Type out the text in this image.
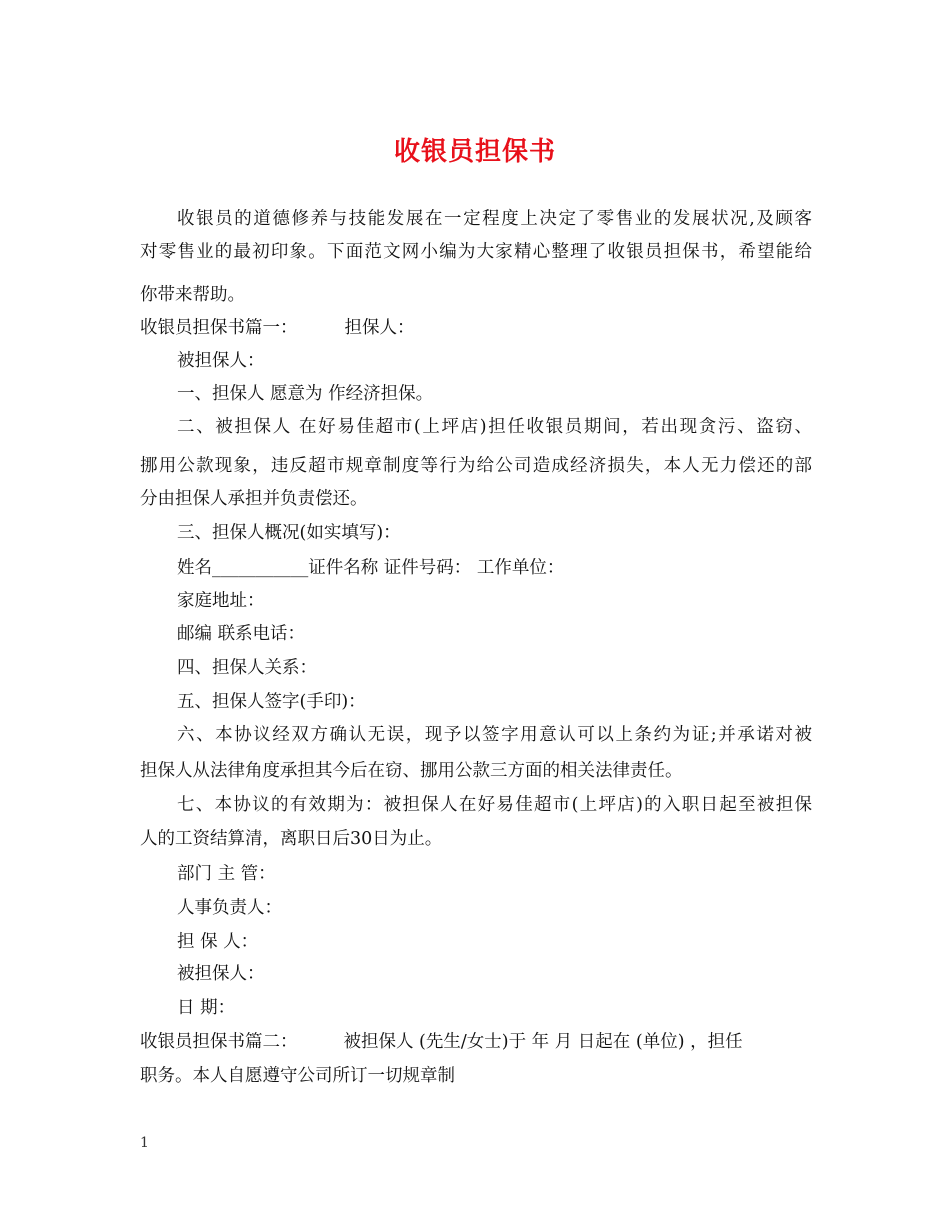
收银员担保书
收银员的道德修养与技能发展在一定程度上决定了零售业的发展状况,及顾客
对零售业的最初印象。下面范文网小编为大家精心整理了收银员担保书，希望能给
你带来帮助。
收银员担保书篇一：	担保人：
被担保人：
一、担保人 愿意为 作经济担保。
二、被担保人 在好易佳超市(上坪店)担任收银员期间，若出现贪污、盗窃、
挪用公款现象，违反超市规章制度等行为给公司造成经济损失，本人无力偿还的部
分由担保人承担并负责偿还。
三、担保人概况(如实填写)：
姓名___________证件名称 证件号码： 工作单位：
家庭地址：
邮编 联系电话：
四、担保人关系：
五、担保人签字(手印)：
六、本协议经双方确认无误，现予以签字用意认可以上条约为证;并承诺对被
担保人从法律角度承担其今后在窃、挪用公款三方面的相关法律责任。
七、本协议的有效期为：被担保人在好易佳超市(上坪店)的入职日起至被担保
人的工资结算清，离职日后30日为止。
部门 主 管：
人事负责人：
担 保 人：
被担保人：
日 期：
收银员担保书篇二：	被担保人 (先生/女士)于 年 月 日起在 (单位) ，担任
职务。本人自愿遵守公司所订一切规章制
1
